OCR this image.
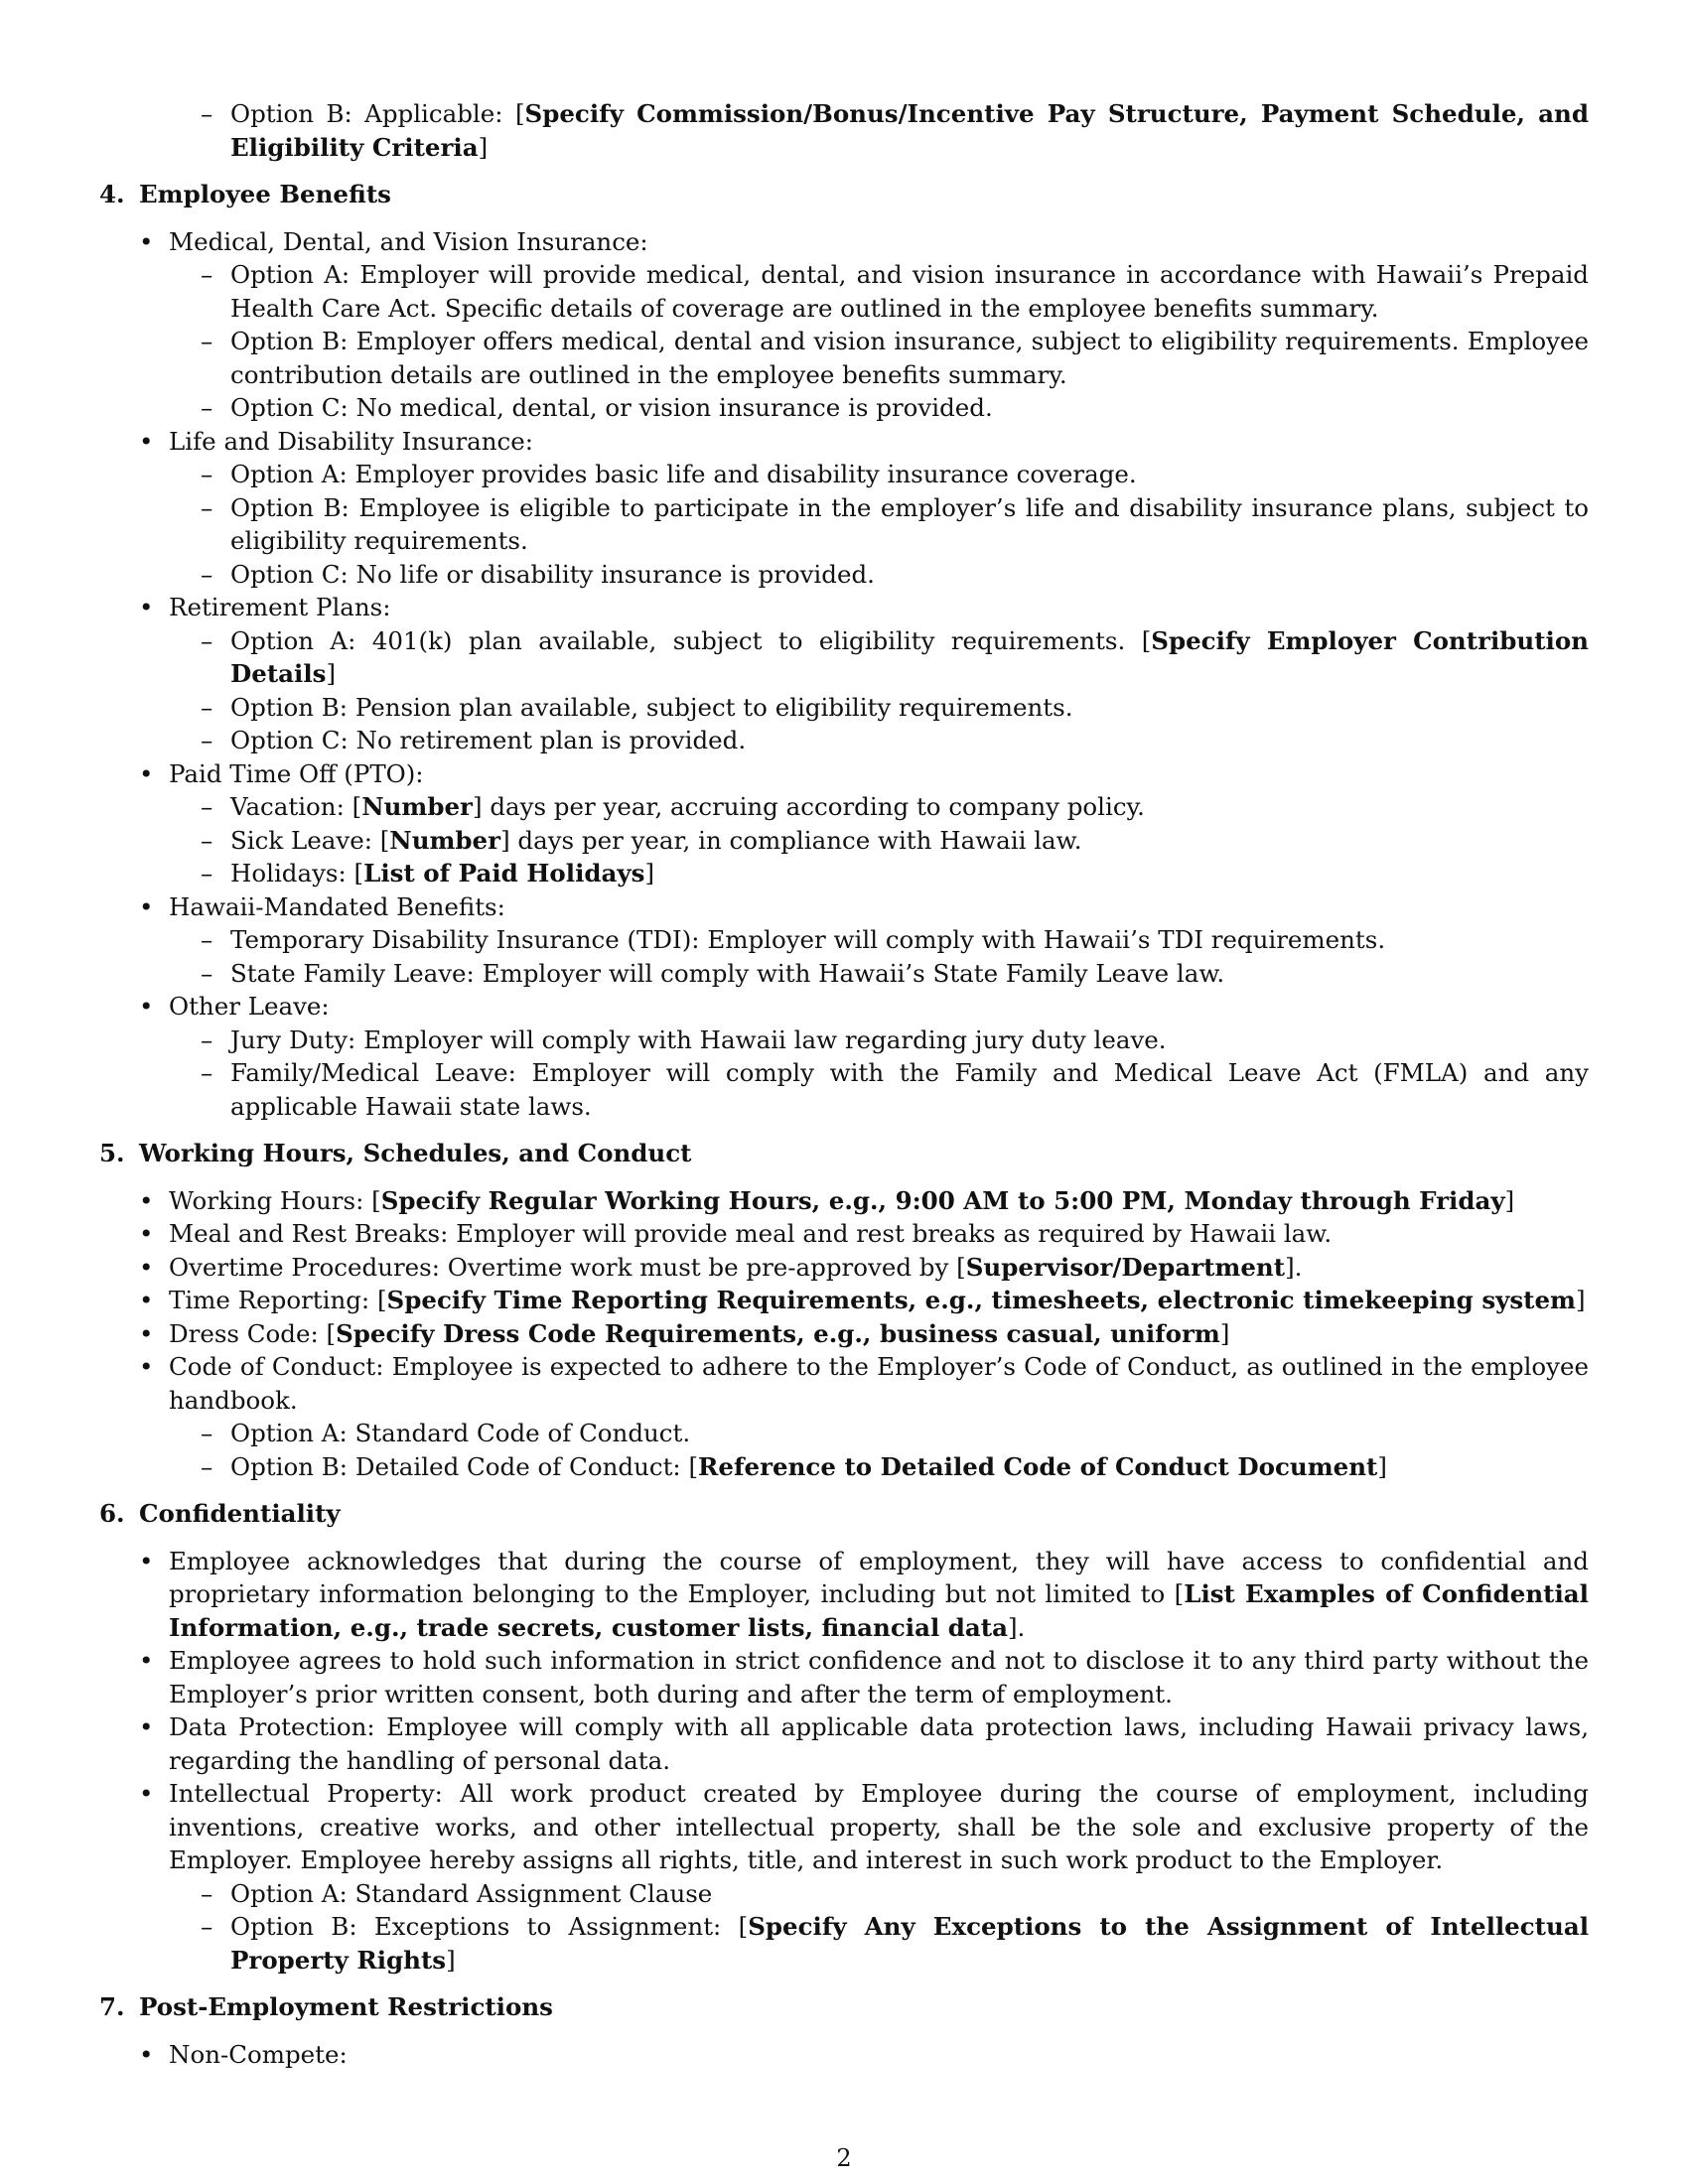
– Option B: Applicable: [Specify Commission/Bonus/Incentive Pay Structure, Payment Schedule, and Eligibility Criteria]
4. Employee Benefits
• Medical, Dental, and Vision Insurance:
– Option A: Employer will provide medical, dental, and vision insurance in accordance with Hawaii’s Prepaid Health Care Act. Specific details of coverage are outlined in the employee benefits summary.
– Option B: Employer offers medical, dental and vision insurance, subject to eligibility requirements. Employee contribution details are outlined in the employee benefits summary.
– Option C: No medical, dental, or vision insurance is provided.
• Life and Disability Insurance:
– Option A: Employer provides basic life and disability insurance coverage.
– Option B: Employee is eligible to participate in the employer’s life and disability insurance plans, subject to eligibility requirements.
– Option C: No life or disability insurance is provided.
• Retirement Plans:
– Option A: 401(k) plan available, subject to eligibility requirements. [Specify Employer Contribution Details]
– Option B: Pension plan available, subject to eligibility requirements.
– Option C: No retirement plan is provided.
• Paid Time Off (PTO):
– Vacation: [Number] days per year, accruing according to company policy.
– Sick Leave: [Number] days per year, in compliance with Hawaii law.
– Holidays: [List of Paid Holidays]
• Hawaii-Mandated Benefits:
– Temporary Disability Insurance (TDI): Employer will comply with Hawaii’s TDI requirements.
– State Family Leave: Employer will comply with Hawaii’s State Family Leave law.
• Other Leave:
– Jury Duty: Employer will comply with Hawaii law regarding jury duty leave.
– Family/Medical Leave: Employer will comply with the Family and Medical Leave Act (FMLA) and any applicable Hawaii state laws.
5. Working Hours, Schedules, and Conduct
• Working Hours: [Specify Regular Working Hours, e.g., 9:00 AM to 5:00 PM, Monday through Friday]
• Meal and Rest Breaks: Employer will provide meal and rest breaks as required by Hawaii law.
• Overtime Procedures: Overtime work must be pre-approved by [Supervisor/Department].
• Time Reporting: [Specify Time Reporting Requirements, e.g., timesheets, electronic timekeeping system]
• Dress Code: [Specify Dress Code Requirements, e.g., business casual, uniform]
• Code of Conduct: Employee is expected to adhere to the Employer’s Code of Conduct, as outlined in the employee handbook.
– Option A: Standard Code of Conduct.
– Option B: Detailed Code of Conduct: [Reference to Detailed Code of Conduct Document]
6. Confidentiality
• Employee acknowledges that during the course of employment, they will have access to confidential and proprietary information belonging to the Employer, including but not limited to [List Examples of Confidential Information, e.g., trade secrets, customer lists, financial data].
• Employee agrees to hold such information in strict confidence and not to disclose it to any third party without the Employer’s prior written consent, both during and after the term of employment.
• Data Protection: Employee will comply with all applicable data protection laws, including Hawaii privacy laws, regarding the handling of personal data.
• Intellectual Property: All work product created by Employee during the course of employment, including inventions, creative works, and other intellectual property, shall be the sole and exclusive property of the Employer. Employee hereby assigns all rights, title, and interest in such work product to the Employer.
– Option A: Standard Assignment Clause
– Option B: Exceptions to Assignment: [Specify Any Exceptions to the Assignment of Intellectual Property Rights]
7. Post-Employment Restrictions
• Non-Compete:
2
